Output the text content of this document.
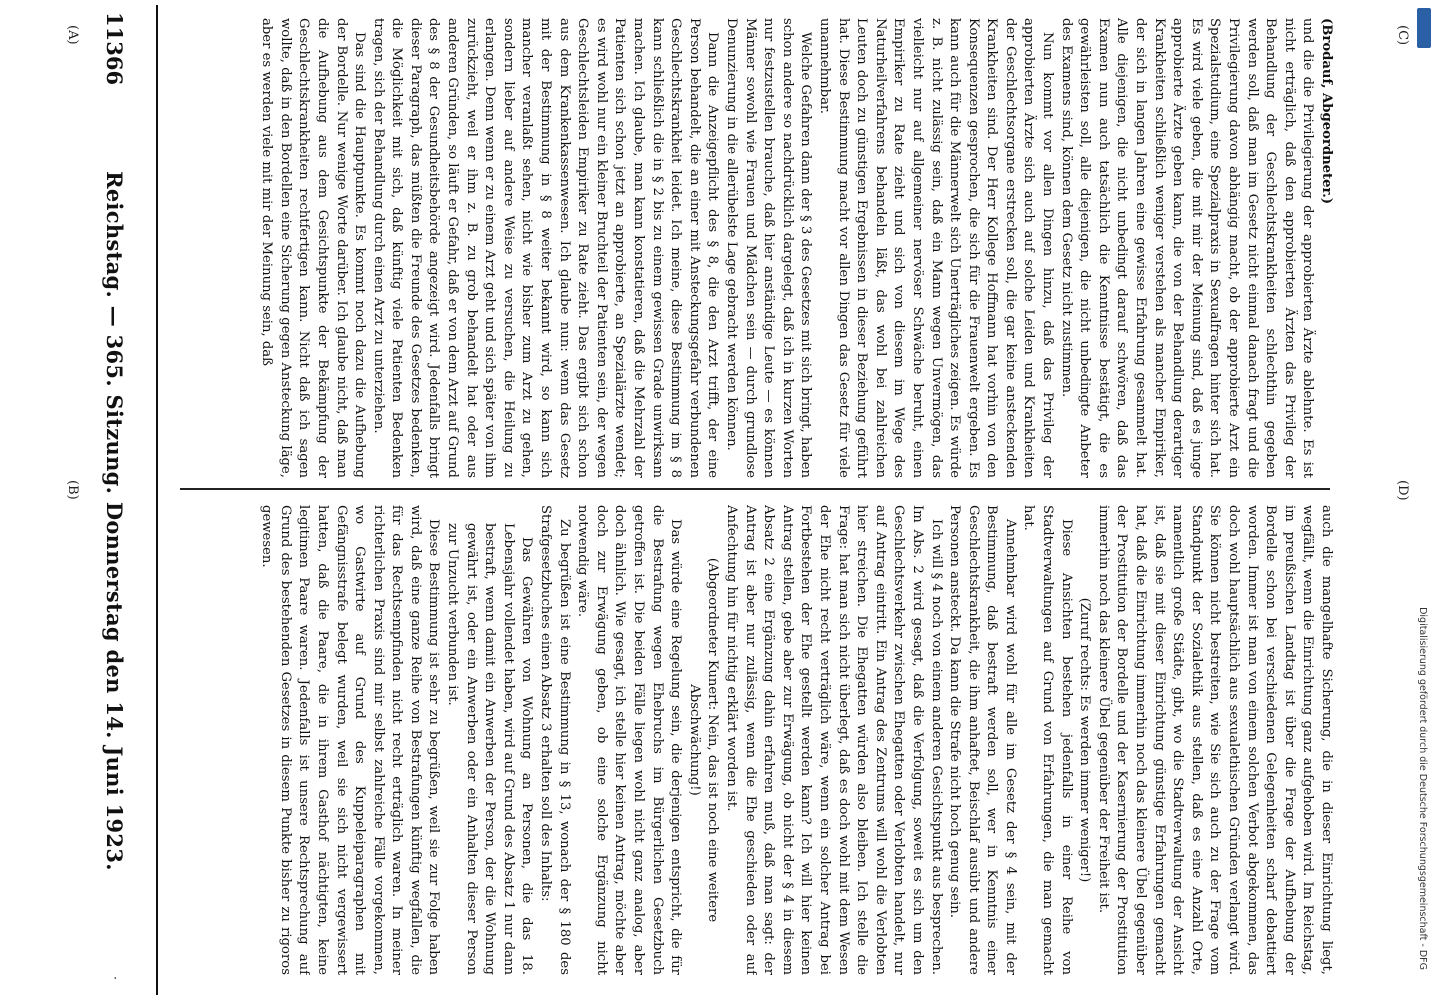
11366
Reichstag. — 365. Sitzung. Donnerstag den 14. Juni 1923.
·

(Brodauf, Abgeordneter.)

und die die Privilegierung der approbierten Ärzte ablehnte. Es ist nicht erträglich, daß den approbierten Ärzten das Privileg der Behandlung der Geschlechtskrankheiten schlechthin gegeben werden soll, daß man im Gesetz nicht einmal danach fragt und die Privilegierung davon abhängig macht, ob der approbierte Arzt ein Spezialstudium, eine Spezialpraxis in Sexualfragen hinter sich hat. Es wird viele geben, die mit mir der Meinung sind, daß es junge approbierte Ärzte geben kann, die von der Behandlung derartiger Krankheiten schließlich weniger verstehen als mancher Empiriker, der sich in langen Jahren eine gewisse Erfahrung gesammelt hat. Alle diejenigen, die nicht unbedingt darauf schwören, daß das Examen nun auch tatsächlich die Kenntnisse bestätigt, die es gewährleisten soll, alle diejenigen, die nicht unbedingte Anbeter des Examens sind, können dem Gesetz nicht zustimmen.

Nun kommt vor allen Dingen hinzu, daß das Privileg der approbierten Ärzte sich auch auf solche Leiden und Krankheiten der Geschlechtsorgane erstrecken soll, die gar keine ansteckenden Krankheiten sind. Der Herr Kollege Hoffmann hat vorhin von den Konsequenzen gesprochen, die sich für die Frauenwelt ergeben. Es kann auch für die Männerwelt sich Unerträgliches zeigen. Es würde z. B. nicht zulässig sein, daß ein Mann wegen Unvermögen, das vielleicht nur auf allgemeiner nervöser Schwäche beruht, einen Empiriker zu Rate zieht und sich von diesem im Wege des Naturheilverfahrens behandeln läßt, das wohl bei zahlreichen Leuten doch zu günstigen Ergebnissen in dieser Beziehung geführt hat. Diese Bestimmung macht vor allen Dingen das Gesetz für viele unannehmbar.

Welche Gefahren dann der § 3 des Gesetzes mit sich bringt, haben schon andere so nachdrücklich dargelegt, daß ich in kurzen Worten nur festzustellen brauche, daß hier anständige Leute — es können Männer sowohl wie Frauen und Mädchen sein — durch grundlose Denunzierung in die allerübelste Lage gebracht werden können.

Dann die Anzeigepflicht des § 8, die den Arzt trifft, der eine Person behandelt, die an einer mit Ansteckungsgefahr verbundenen Geschlechtskrankheit leidet. Ich meine, diese Bestimmung im § 8 kann schließlich die in § 2 bis zu einem gewissen Grade unwirksam machen. Ich glaube, man kann konstatieren, daß die Mehrzahl der Patienten sich schon jetzt an approbierte, an Spezialärzte wendet; es wird wohl nur ein kleiner Bruchteil der Patienten sein, der wegen Geschlechtsleiden Empiriker zu Rate zieht. Das ergibt sich schon aus dem Krankenkassenwesen. Ich glaube nun: wenn das Gesetz mit der Bestimmung in § 8 weiter bekannt wird, so kann sich mancher veranlaßt sehen, nicht wie bisher zum Arzt zu gehen, sondern lieber auf andere Weise zu versuchen, die Heilung zu erlangen. Denn wenn er zu einem Arzt geht und sich später von ihm zurückzieht, weil er ihm z. B. zu grob behandelt hat oder aus anderen Gründen, so läuft er Gefahr, daß er von dem Arzt auf Grund des § 8 der Gesundheitsbehörde angezeigt wird. Jedenfalls bringt dieser Paragraph, das müßten die Freunde des Gesetzes bedenken, die Möglichkeit mit sich, daß künftig viele Patienten Bedenken tragen, sich der Behandlung durch einen Arzt zu unterziehen.

Das sind die Hauptpunkte. Es kommt noch dazu die Aufhebung der Bordelle. Nur wenige Worte darüber. Ich glaube nicht, daß man die Aufhebung aus dem Gesichtspunkte der Bekämpfung der Geschlechtskrankheiten rechtfertigen kann. Nicht daß ich sagen wollte, daß in den Bordellen eine Sicherung gegen Ansteckung läge, aber es werden viele mit mir der Meinung sein, daß

auch die mangelhafte Sicherung, die in dieser Einrichtung liegt, wegfällt, wenn die Einrichtung ganz aufgehoben wird. Im Reichstag, im preußischen Landtag ist über die Frage der Aufhebung der Bordelle schon bei verschiedenen Gelegenheiten scharf debattiert worden. Immer ist man von einem solchen Verbot abgekommen, das doch wohl hauptsächlich aus sexualethischen Gründen verlangt wird. Sie können nicht bestreiten, wie Sie sich auch zu der Frage vom Standpunkt der Sozialethik aus stellen, daß es eine Anzahl Orte, namentlich große Städte, gibt, wo die Stadtverwaltung der Ansicht ist, daß sie mit dieser Einrichtung günstige Erfahrungen gemacht hat, daß die Einrichtung immerhin noch das kleinere Übel gegenüber der Prostitution der Bordelle und der Kasernierung der Prostitution immerhin noch das kleinere Übel gegenüber der Freiheit ist.

(Zuruf rechts: Es werden immer weniger!)

Diese Ansichten bestehen jedenfalls in einer Reihe von Stadtverwaltungen auf Grund von Erfahrungen, die man gemacht hat.

Annehmbar wird wohl für alle im Gesetz der § 4 sein, mit der Bestimmung, daß bestraft werden soll, wer in Kenntnis einer Geschlechtskrankheit, die ihm anhaftet, Beischlaf ausübt und andere Personen ansteckt. Da kann die Strafe nicht hoch genug sein.

Ich will § 4 noch von einem anderen Gesichtspunkt aus besprechen. Im Abs. 2 wird gesagt, daß die Verfolgung, soweit es sich um den Geschlechtsverkehr zwischen Ehegatten oder Verlobten handelt, nur auf Antrag eintritt. Ein Antrag des Zentrums will wohl die Verlobten hier streichen. Die Ehegatten würden also bleiben. Ich stelle die Frage: hat man sich nicht überlegt, daß es doch wohl mit dem Wesen der Ehe nicht recht verträglich wäre, wenn ein solcher Antrag bei Fortbestehen der Ehe gestellt werden kann? Ich will hier keinen Antrag stellen, gebe aber zur Erwägung, ob nicht der § 4 in diesem Absatz 2 eine Ergänzung dahin erfahren muß, daß man sagt: der Antrag ist aber nur zulässig, wenn die Ehe geschieden oder auf Anfechtung hin für nichtig erklärt worden ist.

(Abgeordneter Kunert: Nein, das ist noch eine weitere Abschwächung!)

Das würde eine Regelung sein, die derjenigen entspricht, die für die Bestrafung wegen Ehebruchs im Bürgerlichen Gesetzbuch getroffen ist. Die beiden Fälle liegen wohl nicht ganz analog, aber doch ähnlich. Wie gesagt, ich stelle hier keinen Antrag, möchte aber doch zur Erwägung geben, ob eine solche Ergänzung nicht notwendig wäre.

Zu begrüßen ist eine Bestimmung in § 13, wonach der § 180 des Strafgesetzbuches einen Absatz 3 erhalten soll des Inhalts:

Das Gewähren von Wohnung an Personen, die das 18. Lebensjahr vollendet haben, wird auf Grund des Absatz 1 nur dann bestraft, wenn damit ein Anwerben der Person, der die Wohnung gewährt ist, oder ein Anwerben oder ein Anhalten dieser Person zur Unzucht verbunden ist.

Diese Bestimmung ist sehr zu begrüßen, weil sie zur Folge haben wird, daß eine ganze Reihe von Bestrafungen künftig wegfallen, die für das Rechtsempfinden nicht recht erträglich waren. In meiner richterlichen Praxis sind mir selbst zahlreiche Fälle vorgekommen, wo Gastwirte auf Grund des Kuppeleiparagraphen mit Gefängnisstrafe belegt wurden, weil sie sich nicht vergewissert hatten, daß die Paare, die in ihrem Gasthof nächtigten, keine legitimen Paare waren. Jedenfalls ist unsere Rechtsprechung auf Grund des bestehenden Gesetzes in diesem Punkte bisher zu rigoros gewesen.

(A)
(B)
(C)
(D)
Digitalisierung gefördert durch die Deutsche Forschungsgemeinschaft - DFG
